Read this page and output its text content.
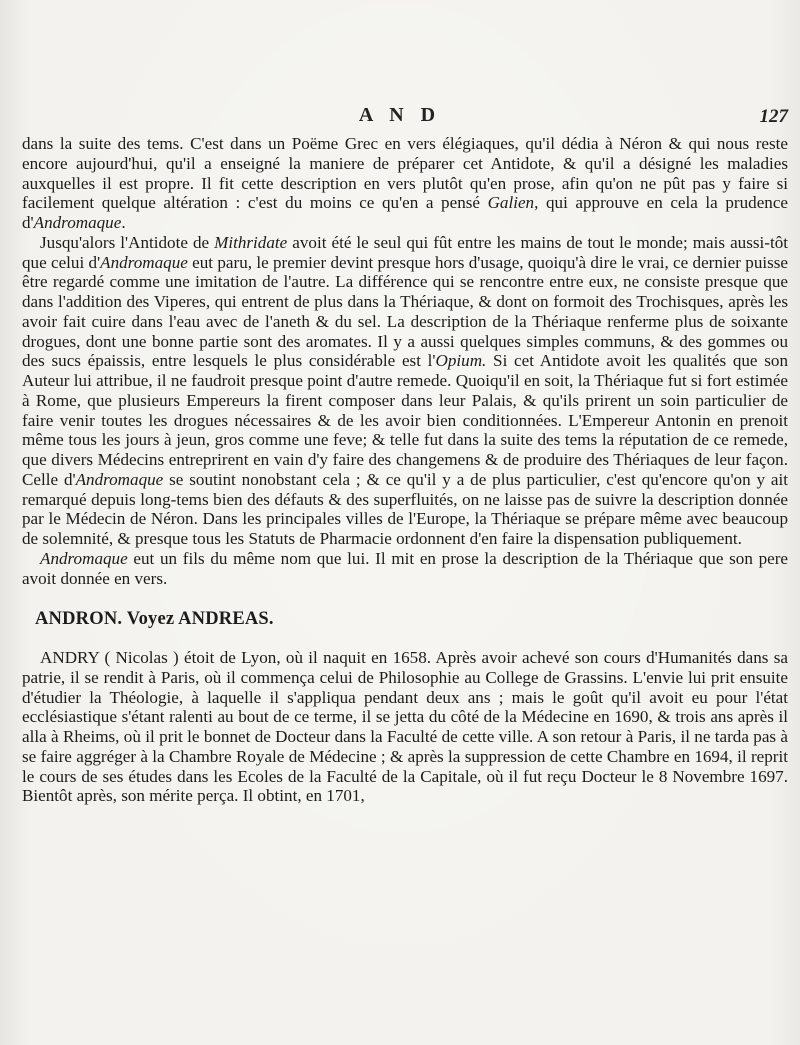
A N D	127

dans la suite des tems. C'est dans un Poëme Grec en vers élégiaques, qu'il dédia à Néron & qui nous reste encore aujourd'hui, qu'il a enseigné la maniere de préparer cet Antidote, & qu'il a désigné les maladies auxquelles il est propre. Il fit cette description en vers plutôt qu'en prose, afin qu'on ne pût pas y faire si facilement quelque altération : c'est du moins ce qu'en a pensé Galien, qui approuve en cela la prudence d'Andromaque.

Jusqu'alors l'Antidote de Mithridate avoit été le seul qui fût entre les mains de tout le monde; mais aussi-tôt que celui d'Andromaque eut paru, le premier devint presque hors d'usage, quoiqu'à dire le vrai, ce dernier puisse être regardé comme une imitation de l'autre. La différence qui se rencontre entre eux, ne consiste presque que dans l'addition des Viperes, qui entrent de plus dans la Thériaque, & dont on formoit des Trochisques, après les avoir fait cuire dans l'eau avec de l'aneth & du sel. La description de la Thériaque renferme plus de soixante drogues, dont une bonne partie sont des aromates. Il y a aussi quelques simples communs, & des gommes ou des sucs épaissis, entre lesquels le plus considérable est l'Opium. Si cet Antidote avoit les qualités que son Auteur lui attribue, il ne faudroit presque point d'autre remede. Quoiqu'il en soit, la Thériaque fut si fort estimée à Rome, que plusieurs Empereurs la firent composer dans leur Palais, & qu'ils prirent un soin particulier de faire venir toutes les drogues nécessaires & de les avoir bien conditionnées. L'Empereur Antonin en prenoit même tous les jours à jeun, gros comme une feve; & telle fut dans la suite des tems la réputation de ce remede, que divers Médecins entreprirent en vain d'y faire des changemens & de produire des Thériaques de leur façon. Celle d'Andromaque se soutint nonobstant cela ; & ce qu'il y a de plus particulier, c'est qu'encore qu'on y ait remarqué depuis long-tems bien des défauts & des superfluités, on ne laisse pas de suivre la description donnée par le Médecin de Néron. Dans les principales villes de l'Europe, la Thériaque se prépare même avec beaucoup de solemnité, & presque tous les Statuts de Pharmacie ordonnent d'en faire la dispensation publiquement.

Andromaque eut un fils du même nom que lui. Il mit en prose la description de la Thériaque que son pere avoit donnée en vers.

ANDRON. Voyez ANDREAS.

ANDRY ( Nicolas ) étoit de Lyon, où il naquit en 1658. Après avoir achevé son cours d'Humanités dans sa patrie, il se rendit à Paris, où il commença celui de Philosophie au College de Grassins. L'envie lui prit ensuite d'étudier la Théologie, à laquelle il s'appliqua pendant deux ans ; mais le goût qu'il avoit eu pour l'état ecclésiastique s'étant ralenti au bout de ce terme, il se jetta du côté de la Médecine en 1690, & trois ans après il alla à Rheims, où il prit le bonnet de Docteur dans la Faculté de cette ville. A son retour à Paris, il ne tarda pas à se faire aggréger à la Chambre Royale de Médecine ; & après la suppression de cette Chambre en 1694, il reprit le cours de ses études dans les Ecoles de la Faculté de la Capitale, où il fut reçu Docteur le 8 Novembre 1697. Bientôt après, son mérite perça. Il obtint, en 1701,
